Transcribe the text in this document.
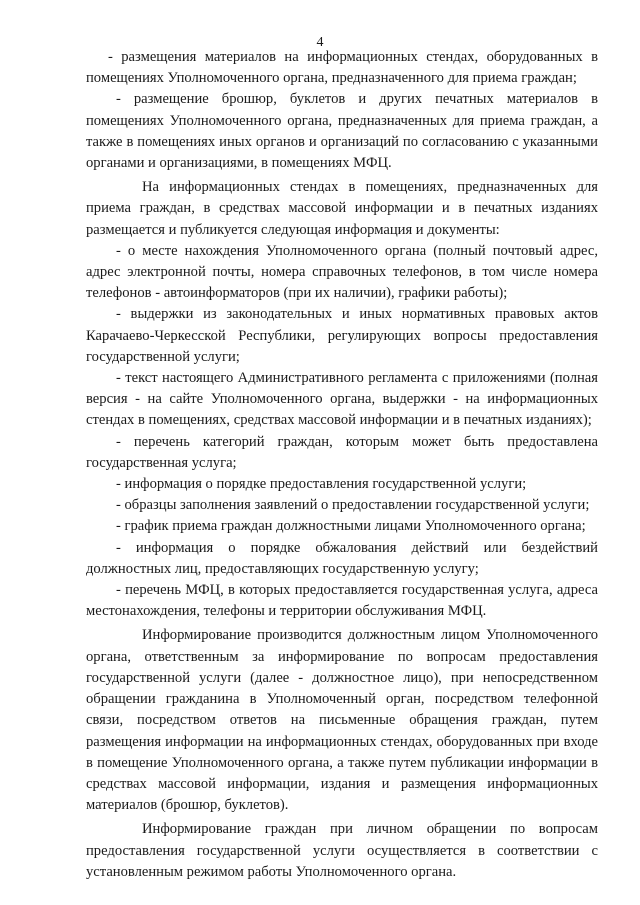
4

- размещения материалов на информационных стендах, оборудованных в помещениях Уполномоченного органа, предназначенного для приема граждан;

- размещение брошюр, буклетов и других печатных материалов в помещениях Уполномоченного органа, предназначенных для приема граждан, а также в помещениях иных органов и организаций по согласованию с указанными органами и организациями, в помещениях МФЦ.

На информационных стендах в помещениях, предназначенных для приема граждан, в средствах массовой информации и в печатных изданиях размещается и публикуется следующая информация и документы:

- о месте нахождения Уполномоченного органа (полный почтовый адрес, адрес электронной почты, номера справочных телефонов, в том числе номера телефонов - автоинформаторов (при их наличии), графики работы);

- выдержки из законодательных и иных нормативных правовых актов Карачаево-Черкесской Республики, регулирующих вопросы предоставления государственной услуги;

- текст настоящего Административного регламента с приложениями (полная версия - на сайте Уполномоченного органа, выдержки - на информационных стендах в помещениях, средствах массовой информации и в печатных изданиях);

- перечень категорий граждан, которым может быть предоставлена государственная услуга;

- информация о порядке предоставления государственной услуги;

- образцы заполнения заявлений о предоставлении государственной услуги;

- график приема граждан должностными лицами Уполномоченного органа;

- информация о порядке обжалования действий или бездействий должностных лиц, предоставляющих государственную услугу;

- перечень МФЦ, в которых предоставляется государственная услуга, адреса местонахождения, телефоны и территории обслуживания МФЦ.

Информирование производится должностным лицом Уполномоченного органа, ответственным за информирование по вопросам предоставления государственной услуги (далее - должностное лицо), при непосредственном обращении гражданина в Уполномоченный орган, посредством телефонной связи, посредством ответов на письменные обращения граждан, путем размещения информации на информационных стендах, оборудованных при входе в помещение Уполномоченного органа, а также путем публикации информации в средствах массовой информации, издания и размещения информационных материалов (брошюр, буклетов).

Информирование граждан при личном обращении по вопросам предоставления государственной услуги осуществляется в соответствии с установленным режимом работы Уполномоченного органа.
